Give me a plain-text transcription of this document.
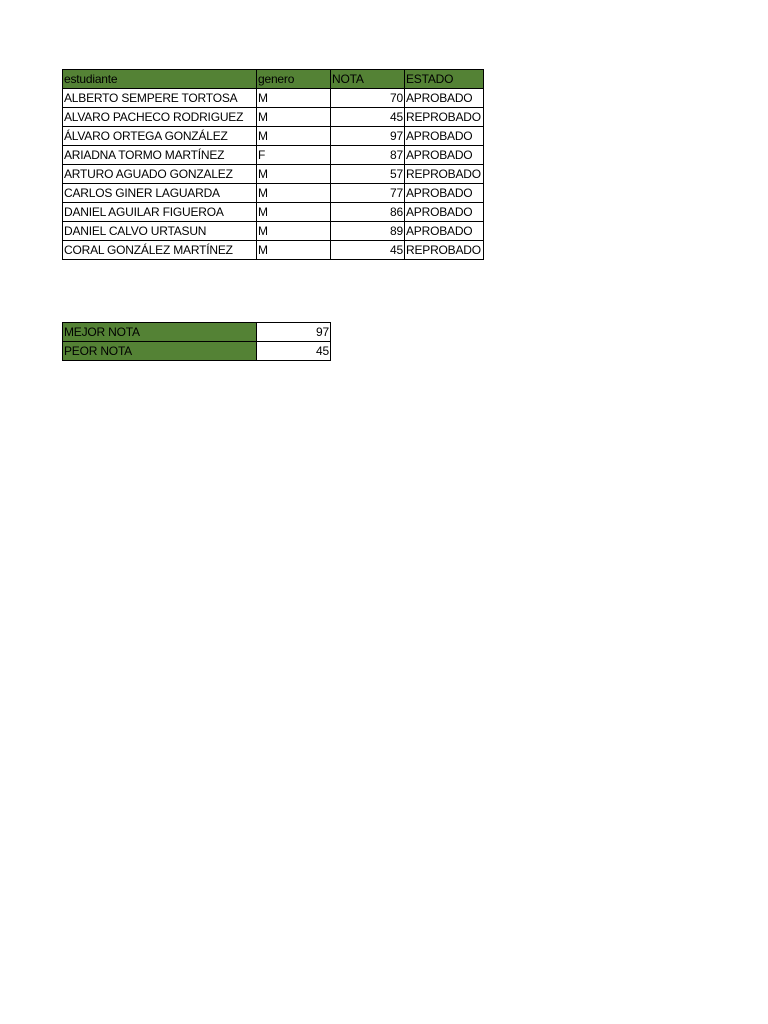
estudiante	genero	NOTA	ESTADO
ALBERTO SEMPERE TORTOSA	M	70	APROBADO
ALVARO PACHECO RODRIGUEZ	M	45	REPROBADO
ÁLVARO ORTEGA GONZÁLEZ	M	97	APROBADO
ARIADNA TORMO MARTÍNEZ	F	87	APROBADO
ARTURO AGUADO GONZALEZ	M	57	REPROBADO
CARLOS GINER LAGUARDA	M	77	APROBADO
DANIEL AGUILAR FIGUEROA	M	86	APROBADO
DANIEL CALVO URTASUN	M	89	APROBADO
CORAL GONZÁLEZ MARTÍNEZ	M	45	REPROBADO
MEJOR NOTA	97
PEOR NOTA	45
